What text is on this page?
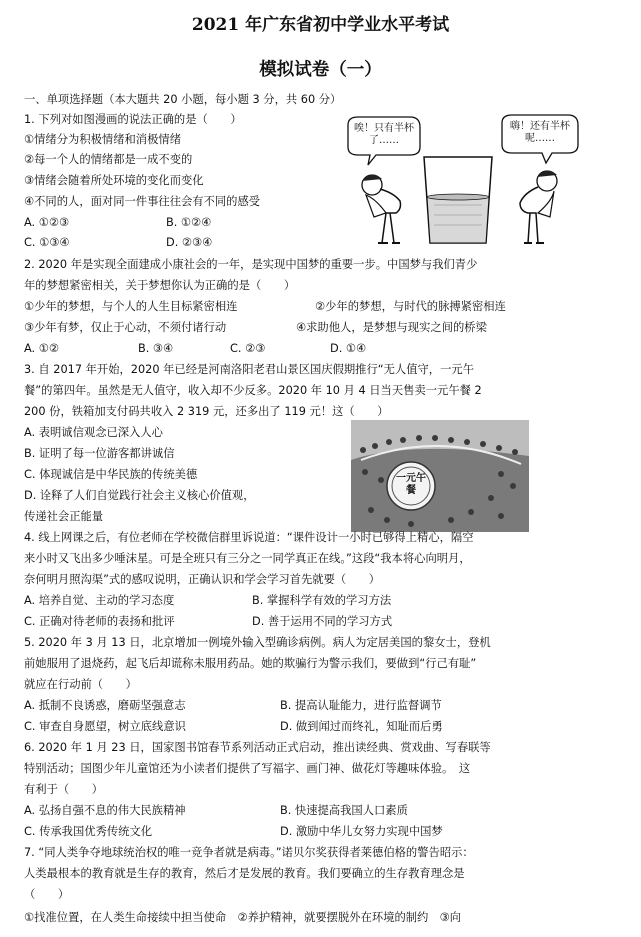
2021 年广东省初中学业水平考试
模拟试卷（一）
一、单项选择题（本大题共 20 小题，每小题 3 分，共 60 分）
1. 下列对如图漫画的说法正确的是（　　）
①情绪分为积极情绪和消极情绪
②每一个人的情绪都是一成不变的
③情绪会随着所处环境的变化而变化
④不同的人，面对同一件事往往会有不同的感受
A. ①②③	B. ①②④
C. ①③④	D. ②③④
唉！只有半杯了……
嗨！还有半杯呢……
2. 2020 年是实现全面建成小康社会的一年，是实现中国梦的重要一步。中国梦与我们青少
年的梦想紧密相关，关于梦想你认为正确的是（　　）
①少年的梦想，与个人的人生目标紧密相连	②少年的梦想，与时代的脉搏紧密相连
③少年有梦，仅止于心动，不须付诸行动	④求助他人，是梦想与现实之间的桥梁
A. ①②	B. ③④	C. ②③	D. ①④
3. 自 2017 年开始，2020 年已经是河南洛阳老君山景区国庆假期推行“无人值守，一元午
餐”的第四年。虽然是无人值守，收入却不少反多。2020 年 10 月 4 日当天售卖一元午餐 2
200 份，铁箱加支付码共收入 2 319 元，还多出了 119 元！这（　　）
A. 表明诚信观念已深入人心
B. 证明了每一位游客都讲诚信
C. 体现诚信是中华民族的传统美德
D. 诠释了人们自觉践行社会主义核心价值观，
传递社会正能量
一元午餐
4. 线上网课之后，有位老师在学校微信群里诉说道：“课件设计一小时已够得上精心，隔空
来小时又飞出多少唾沫星。可是全班只有三分之一同学真正在线。”这段“我本将心向明月，
奈何明月照沟渠”式的感叹说明，正确认识和学会学习首先就要（　　）
A. 培养自觉、主动的学习态度	B. 掌握科学有效的学习方法
C. 正确对待老师的表扬和批评	D. 善于运用不同的学习方式
5. 2020 年 3 月 13 日，北京增加一例境外输入型确诊病例。病人为定居美国的黎女士，登机
前她服用了退烧药，起飞后却谎称未服用药品。她的欺骗行为警示我们，要做到“行己有耻”
就应在行动前（　　）
A. 抵制不良诱惑，磨砺坚强意志	B. 提高认耻能力，进行监督调节
C. 审查自身愿望，树立底线意识	D. 做到闻过而终礼，知耻而后勇
6. 2020 年 1 月 23 日，国家图书馆春节系列活动正式启动，推出读经典、赏戏曲、写春联等
特别活动；国图少年儿童馆还为小读者们提供了写福字、画门神、做花灯等趣味体验。　这
有利于（　　）
A. 弘扬自强不息的伟大民族精神	B. 快速提高我国人口素质
C. 传承我国优秀传统文化	D. 激励中华儿女努力实现中国梦
7. “同人类争夺地球统治权的唯一竞争者就是病毒。”诺贝尔奖获得者莱德伯格的警告昭示：
人类最根本的教育就是生存的教育，然后才是发展的教育。我们要确立的生存教育理念是
（　　）
①找准位置，在人类生命接续中担当使命　②养护精神，就要摆脱外在环境的制约　③向
